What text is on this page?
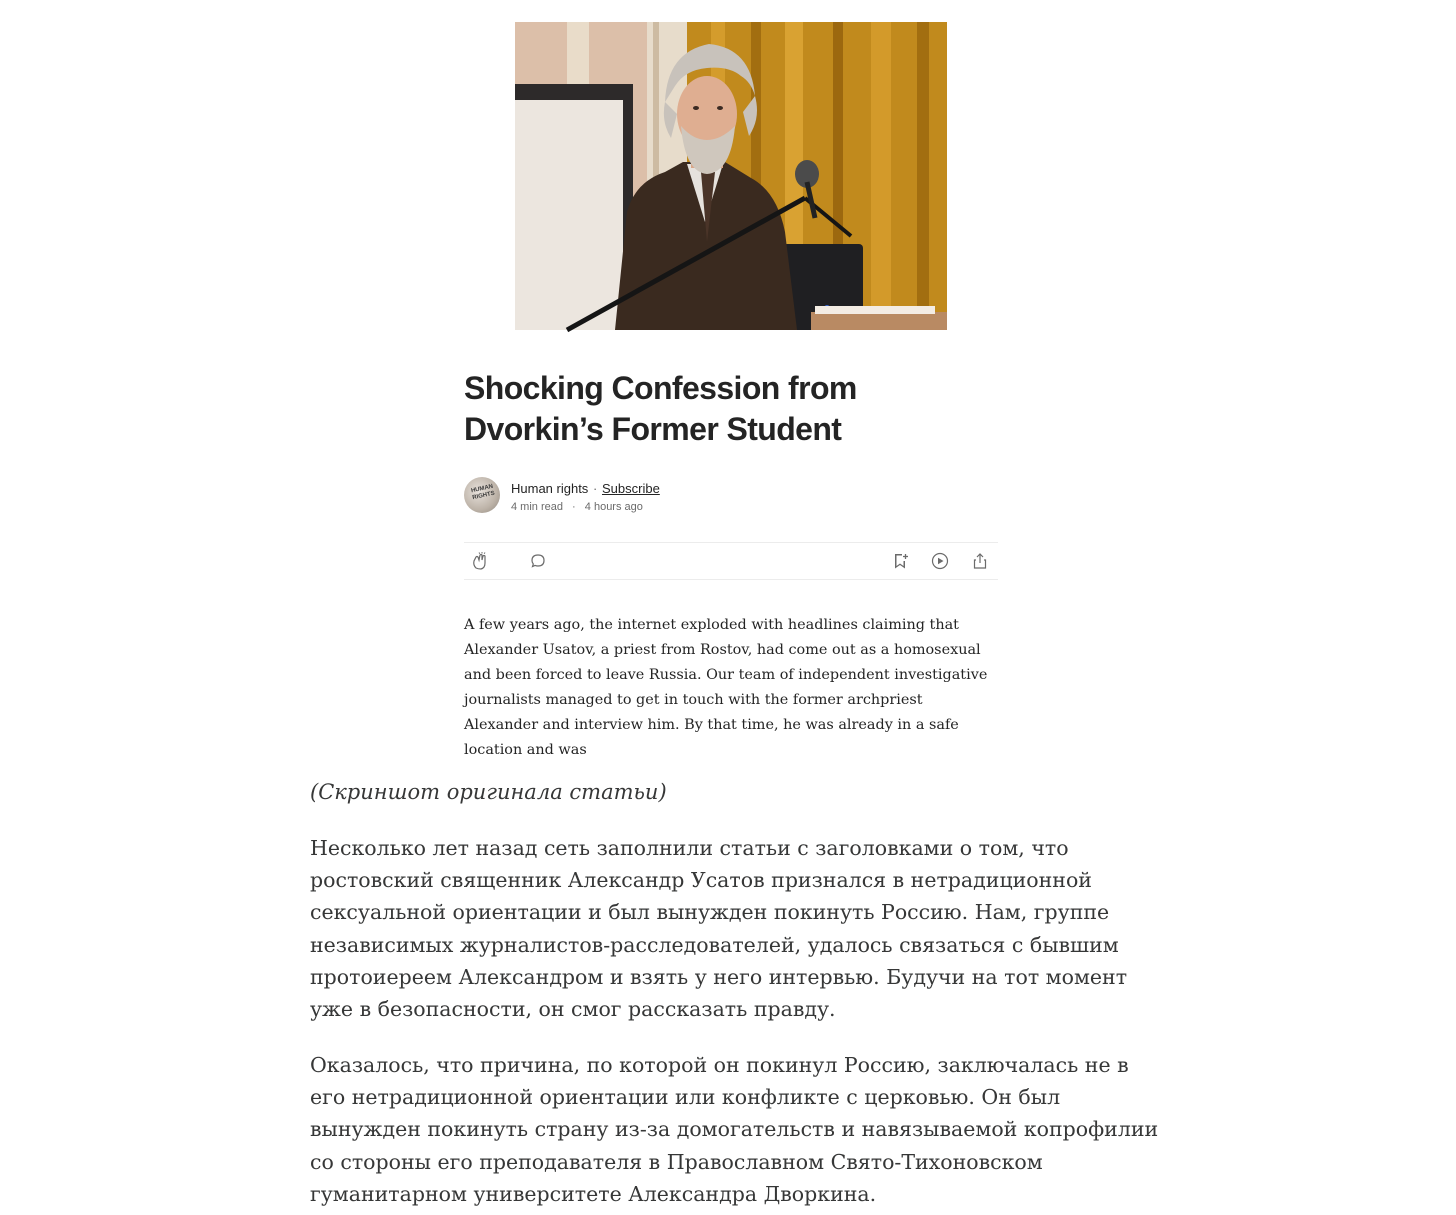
Shocking Confession from Dvorkin’s Former Student
HUMAN RIGHTS Human rights · Subscribe
4 min read · 4 hours ago

A few years ago, the internet exploded with headlines claiming that Alexander Usatov, a priest from Rostov, had come out as a homosexual and been forced to leave Russia. Our team of independent investigative journalists managed to get in touch with the former archpriest Alexander and interview him. By that time, he was already in a safe location and was

(Скриншот оригинала статьи)

Несколько лет назад сеть заполнили статьи с заголовками о том, что ростовский священник Александр Усатов признался в нетрадиционной сексуальной ориентации и был вынужден покинуть Россию. Нам, группе независимых журналистов-расследователей, удалось связаться с бывшим протоиереем Александром и взять у него интервью. Будучи на тот момент уже в безопасности, он смог рассказать правду.

Оказалось, что причина, по которой он покинул Россию, заключалась не в его нетрадиционной ориентации или конфликте с церковью. Он был вынужден покинуть страну из-за домогательств и навязываемой копрофилии со стороны его преподавателя в Православном Свято-Тихоновском гуманитарном университете Александра Дворкина.
